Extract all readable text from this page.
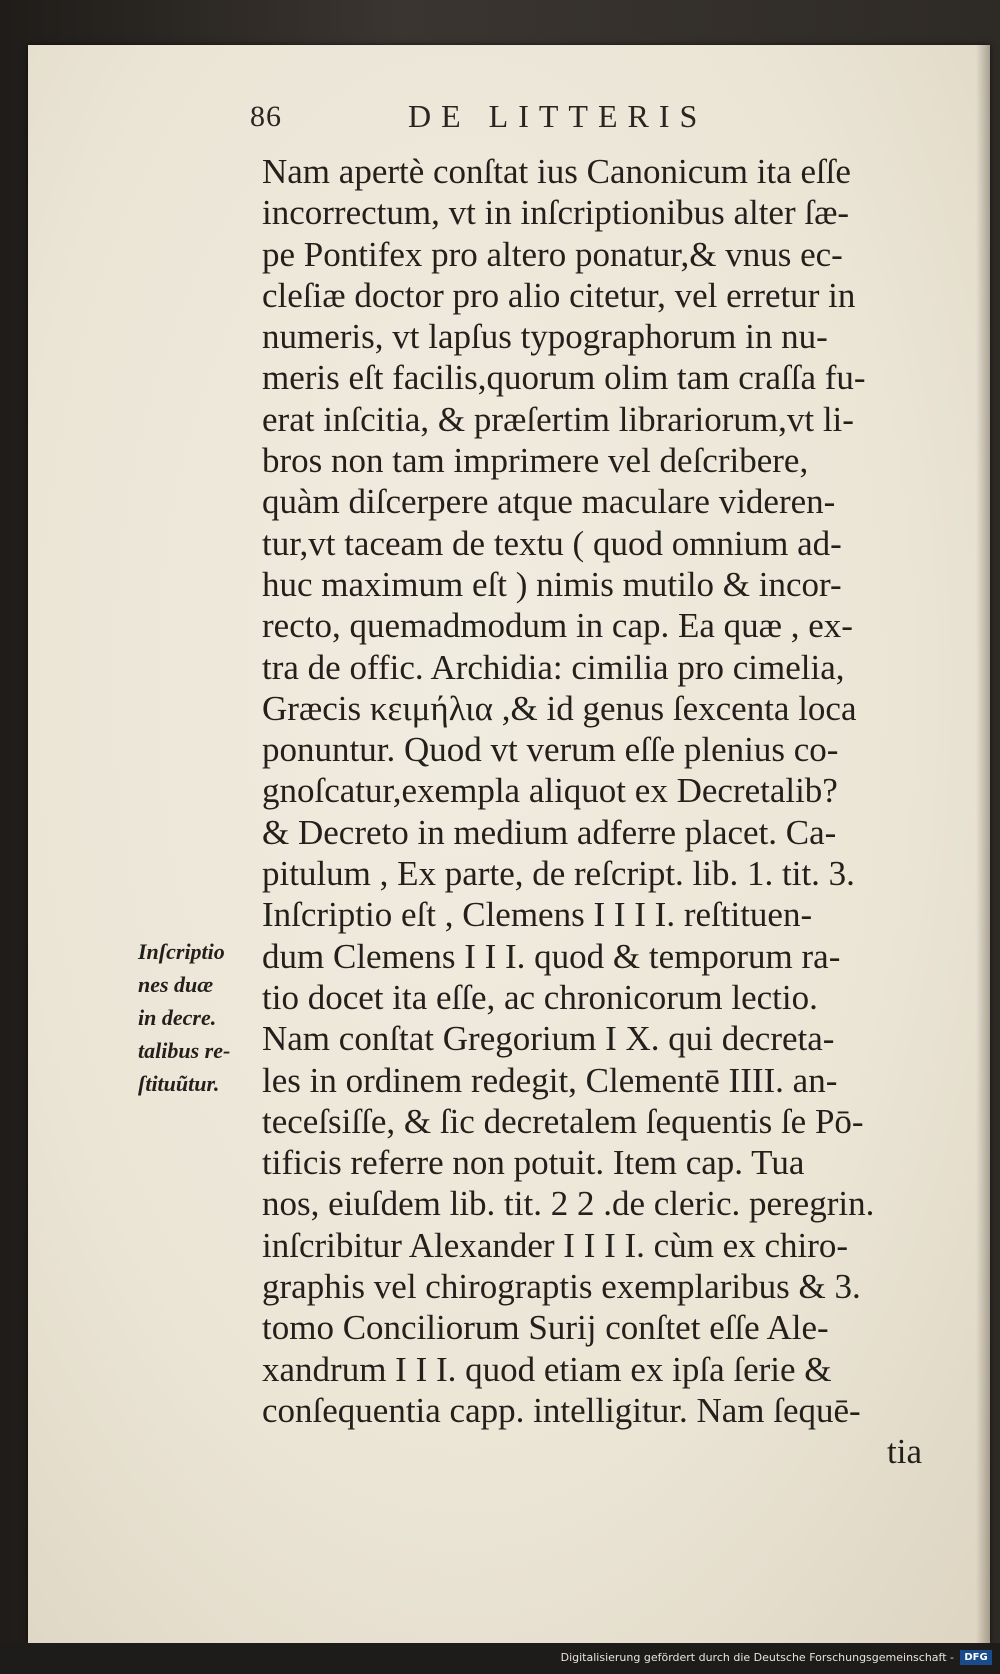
86	DE LITTERIS
Nam apertè conſtat ius Canonicum ita eſſe
incorrectum, vt in inſcriptionibus alter ſæ-
pe Pontifex pro altero ponatur,& vnus ec-
cleſiæ doctor pro alio citetur, vel erretur in
numeris, vt lapſus typographorum in nu-
meris eſt facilis,quorum olim tam craſſa fu-
erat inſcitia, & præſertim librariorum,vt li-
bros non tam imprimere vel deſcribere,
quàm diſcerpere atque maculare videren-
tur,vt taceam de textu ( quod omnium ad-
huc maximum eſt ) nimis mutilo & incor-
recto, quemadmodum in cap. Ea quæ , ex-
tra de offic. Archidia: cimilia pro cimelia,
Græcis κειμήλια ,& id genus ſexcenta loca
ponuntur. Quod vt verum eſſe plenius co-
gnoſcatur,exempla aliquot ex Decretalib?
& Decreto in medium adferre placet. Ca-
pitulum , Ex parte, de reſcript. lib. 1. tit. 3.
Inſcriptio eſt , Clemens I I I I. reſtituen-
dum Clemens I I I. quod & temporum ra-
tio docet ita eſſe, ac chronicorum lectio.
Nam conſtat Gregorium I X. qui decreta-
les in ordinem redegit, Clementē IIII. an-
teceſsiſſe, & ſic decretalem ſequentis ſe Pō-
tificis referre non potuit. Item cap. Tua
nos, eiuſdem lib. tit. 2 2 .de cleric. peregrin.
inſcribitur Alexander I I I I. cùm ex chiro-
graphis vel chirograptis exemplaribus & 3.
tomo Conciliorum Surij conſtet eſſe Ale-
xandrum I I I. quod etiam ex ipſa ſerie &
conſequentia capp. intelligitur. Nam ſequē-
tia
Inſcriptio
nes duæ
in decre.
talibus re-
ſtituũtur.
Digitalisierung gefördert durch die Deutsche Forschungsgemeinschaft -	DFG
